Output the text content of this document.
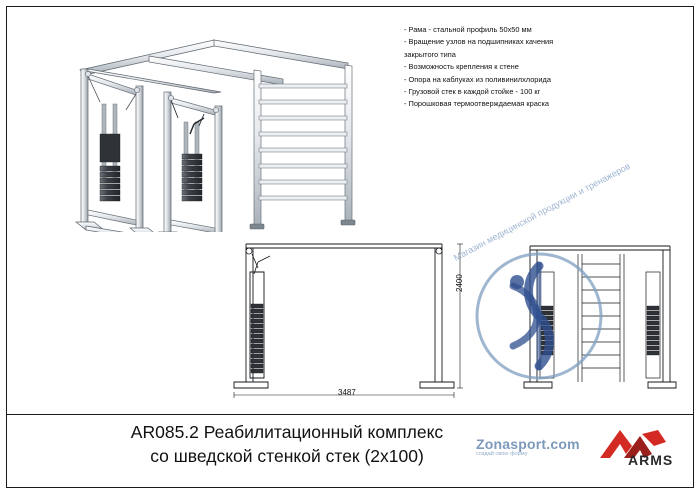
2400
3487
- Рама - стальной профиль 50х50 мм
- Вращение узлов на подшипниках качения
закрытого типа
- Возможность крепления к стене
- Опора на каблуках из поливинилхлорида
- Грузовой стек в каждой стойке - 100 кг
- Порошковая термоотверждаемая краска
Магазин медицинской продукции и тренажеров
Zonasport.com
создай свою форму	ARMS
AR085.2 Реабилитационный комплекс
со шведской стенкой стек (2х100)
